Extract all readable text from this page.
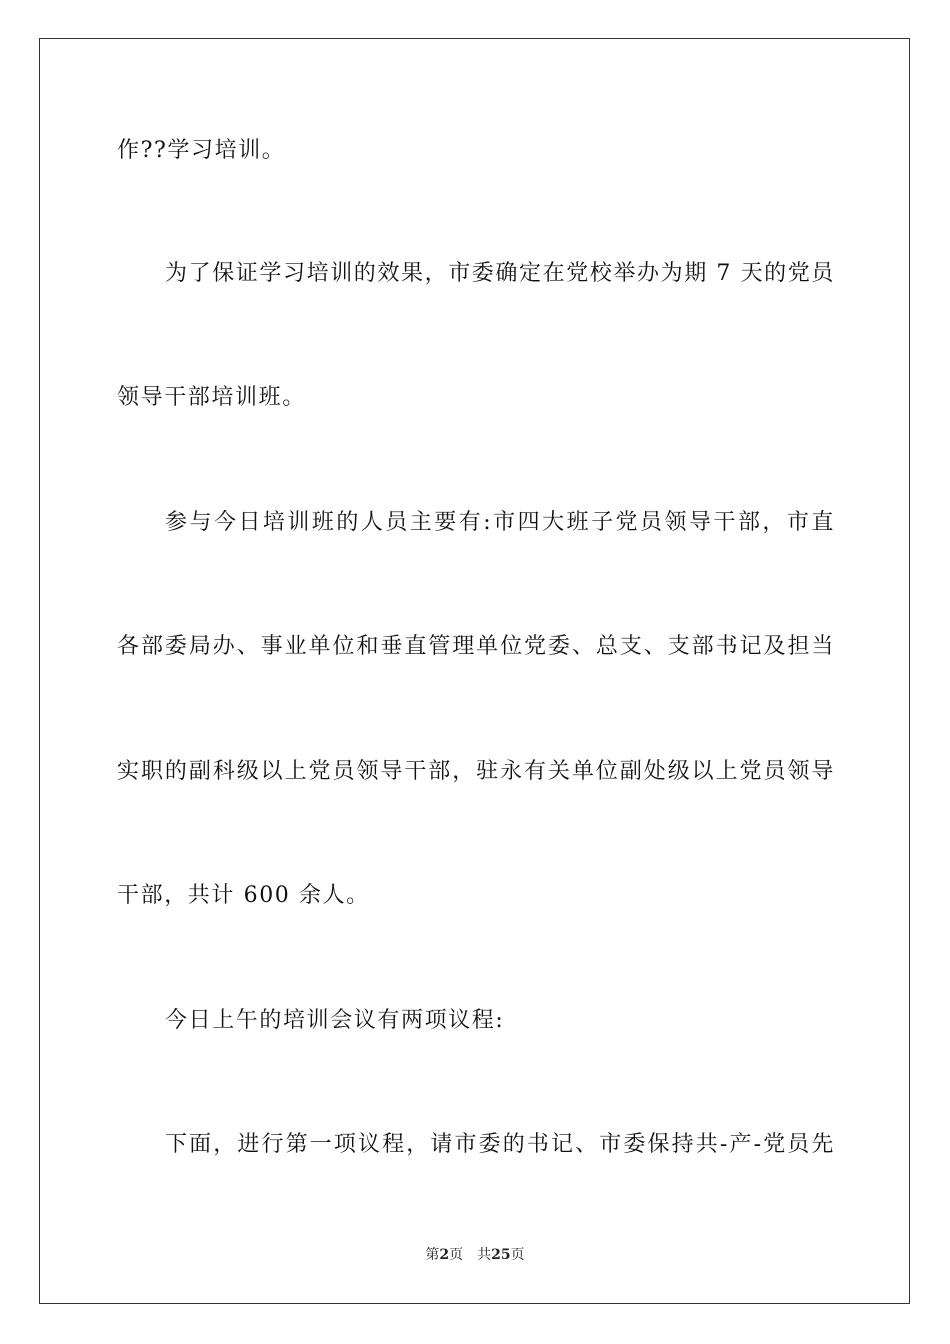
作??学习培训。
为了保证学习培训的效果，市委确定在党校举办为期 7 天的党员
领导干部培训班。
参与今日培训班的人员主要有:市四大班子党员领导干部，市直
各部委局办、事业单位和垂直管理单位党委、总支、支部书记及担当
实职的副科级以上党员领导干部，驻永有关单位副处级以上党员领导
干部，共计 600 余人。
今日上午的培训会议有两项议程:
下面，进行第一项议程，请市委的书记、市委保持共-产-党员先
第2页 共25页
